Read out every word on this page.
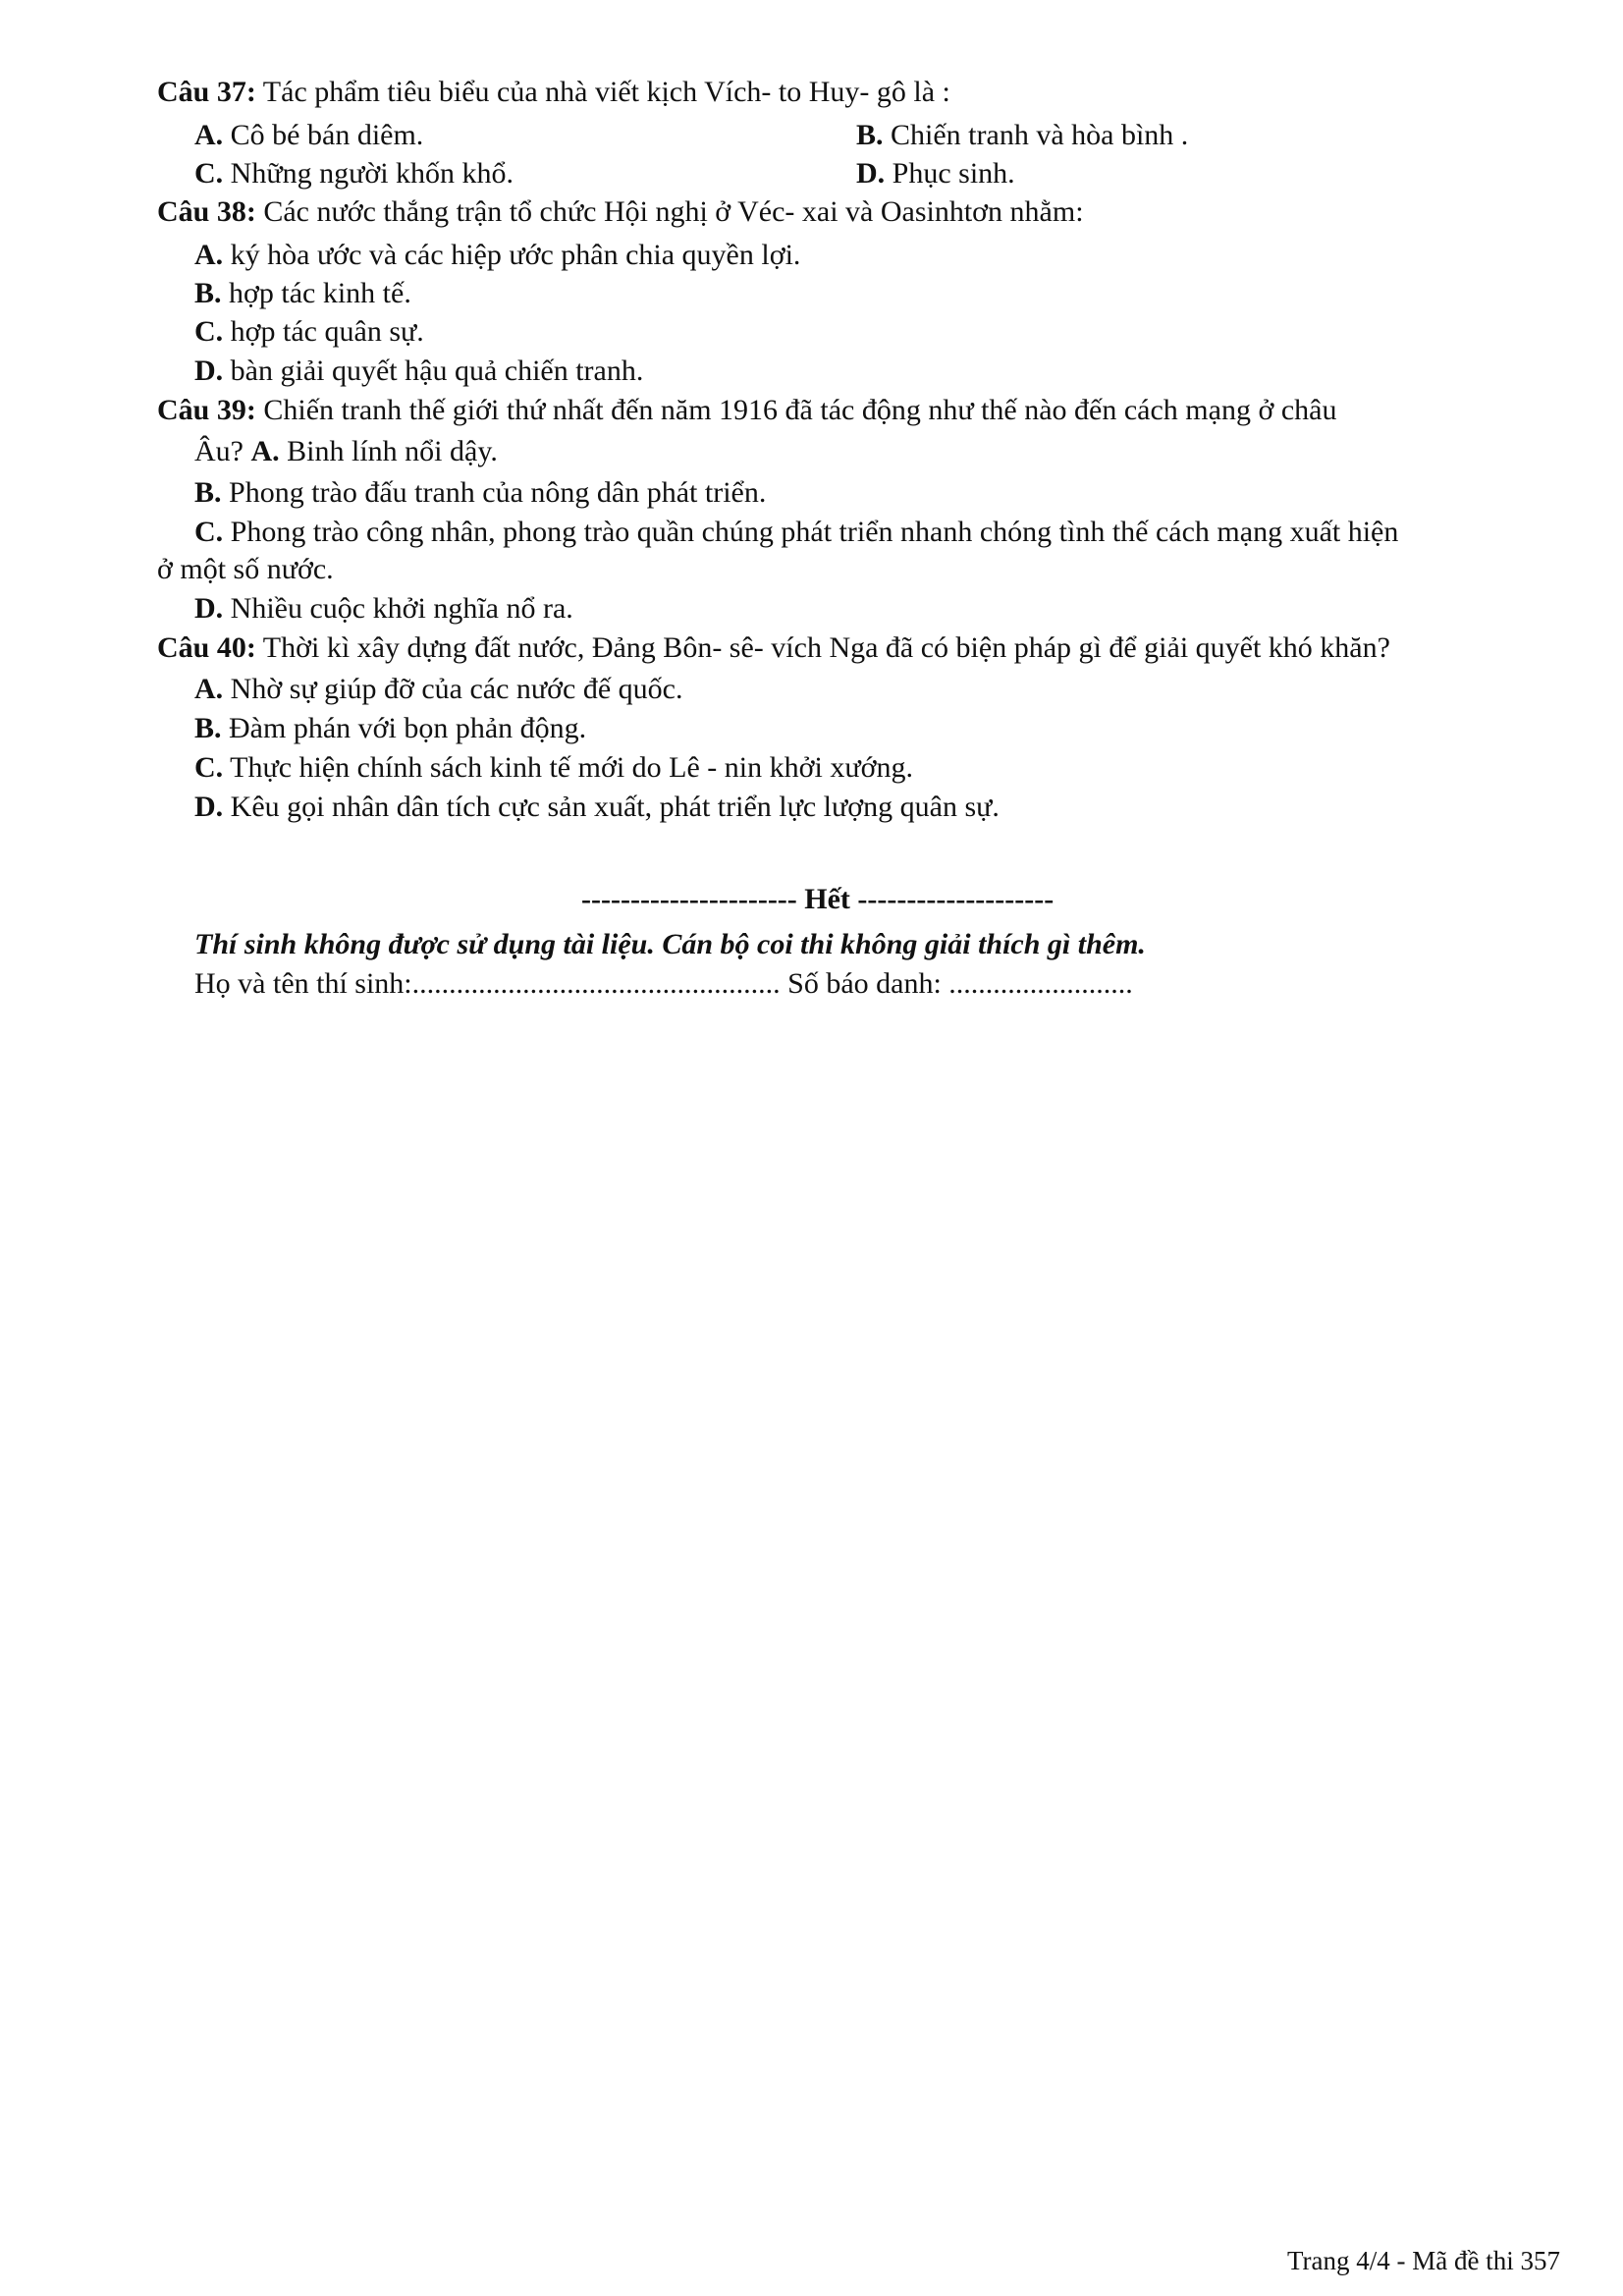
Câu 37: Tác phẩm tiêu biểu của nhà viết kịch Vích- to Huy- gô là :
A. Cô bé bán diêm.	B. Chiến tranh và hòa bình .
C. Những người khốn khổ.	D. Phục sinh.
Câu 38: Các nước thắng trận tổ chức Hội nghị ở Véc- xai và Oasinhtơn nhằm:
A. ký hòa ước và các hiệp ước phân chia quyền lợi.
B. hợp tác kinh tế.
C. hợp tác quân sự.
D. bàn giải quyết hậu quả chiến tranh.
Câu 39: Chiến tranh thế giới thứ nhất đến năm 1916 đã tác động như thế nào đến cách mạng ở châu
Âu? A. Binh lính nổi dậy.
B. Phong trào đấu tranh của nông dân phát triển.
C. Phong trào công nhân, phong trào quần chúng phát triển nhanh chóng tình thế cách mạng xuất hiện
ở một số nước.
D. Nhiều cuộc khởi nghĩa nổ ra.
Câu 40: Thời kì xây dựng đất nước, Đảng Bôn- sê- vích Nga đã có biện pháp gì để giải quyết khó khăn?
A. Nhờ sự giúp đỡ của các nước đế quốc.
B. Đàm phán với bọn phản động.
C. Thực hiện chính sách kinh tế mới do Lê - nin khởi xướng.
D. Kêu gọi nhân dân tích cực sản xuất, phát triển lực lượng quân sự.
---------------------- Hết --------------------
Thí sinh không được sử dụng tài liệu. Cán bộ coi thi không giải thích gì thêm.
Họ và tên thí sinh:.................................................. Số báo danh: .........................
Trang 4/4 - Mã đề thi 357
